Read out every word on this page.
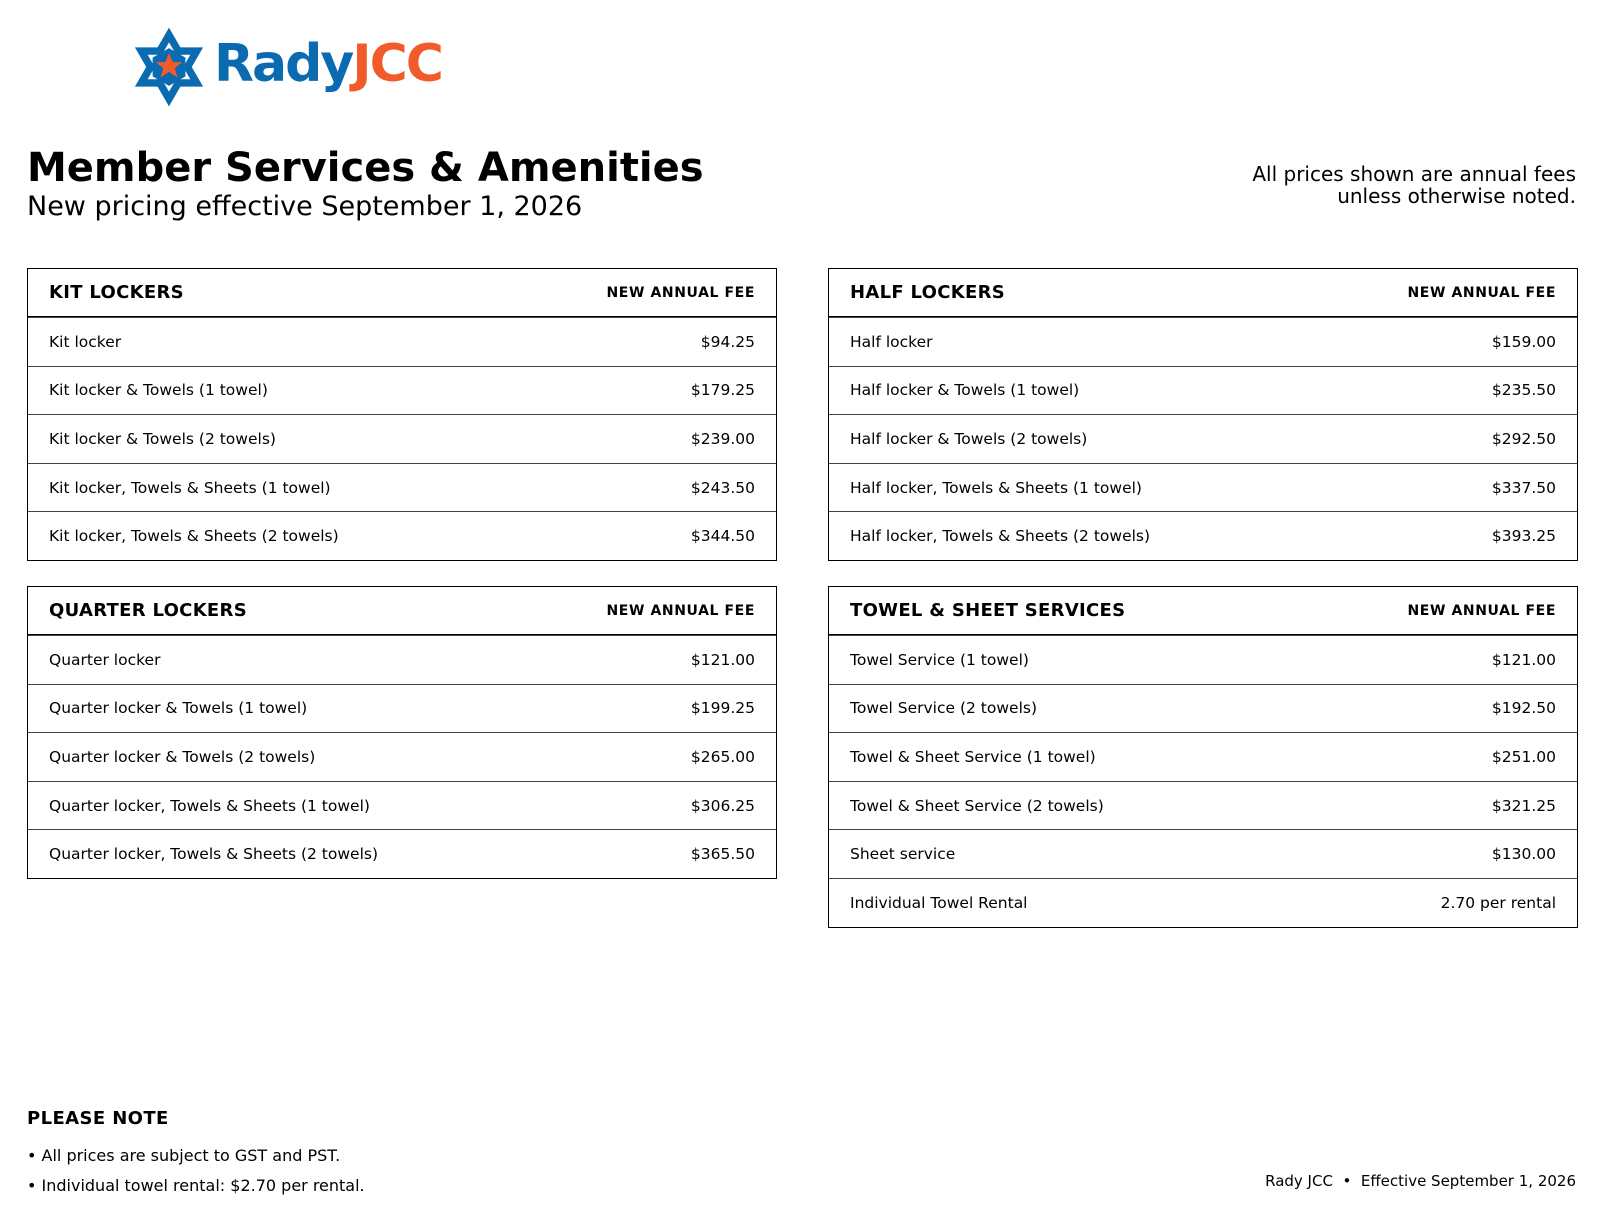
RadyJCC
Member Services & Amenities
New pricing effective September 1, 2026
All prices shown are annual fees
unless otherwise noted.
KIT LOCKERS	NEW ANNUAL FEE
Kit locker	$94.25
Kit locker & Towels (1 towel)	$179.25
Kit locker & Towels (2 towels)	$239.00
Kit locker, Towels & Sheets (1 towel)	$243.50
Kit locker, Towels & Sheets (2 towels)	$344.50
HALF LOCKERS	NEW ANNUAL FEE
Half locker	$159.00
Half locker & Towels (1 towel)	$235.50
Half locker & Towels (2 towels)	$292.50
Half locker, Towels & Sheets (1 towel)	$337.50
Half locker, Towels & Sheets (2 towels)	$393.25
QUARTER LOCKERS	NEW ANNUAL FEE
Quarter locker	$121.00
Quarter locker & Towels (1 towel)	$199.25
Quarter locker & Towels (2 towels)	$265.00
Quarter locker, Towels & Sheets (1 towel)	$306.25
Quarter locker, Towels & Sheets (2 towels)	$365.50
TOWEL & SHEET SERVICES	NEW ANNUAL FEE
Towel Service (1 towel)	$121.00
Towel Service (2 towels)	$192.50
Towel & Sheet Service (1 towel)	$251.00
Towel & Sheet Service (2 towels)	$321.25
Sheet service	$130.00
Individual Towel Rental	2.70 per rental
PLEASE NOTE
• All prices are subject to GST and PST.
• Individual towel rental: $2.70 per rental.	Rady JCC  •  Effective September 1, 2026
